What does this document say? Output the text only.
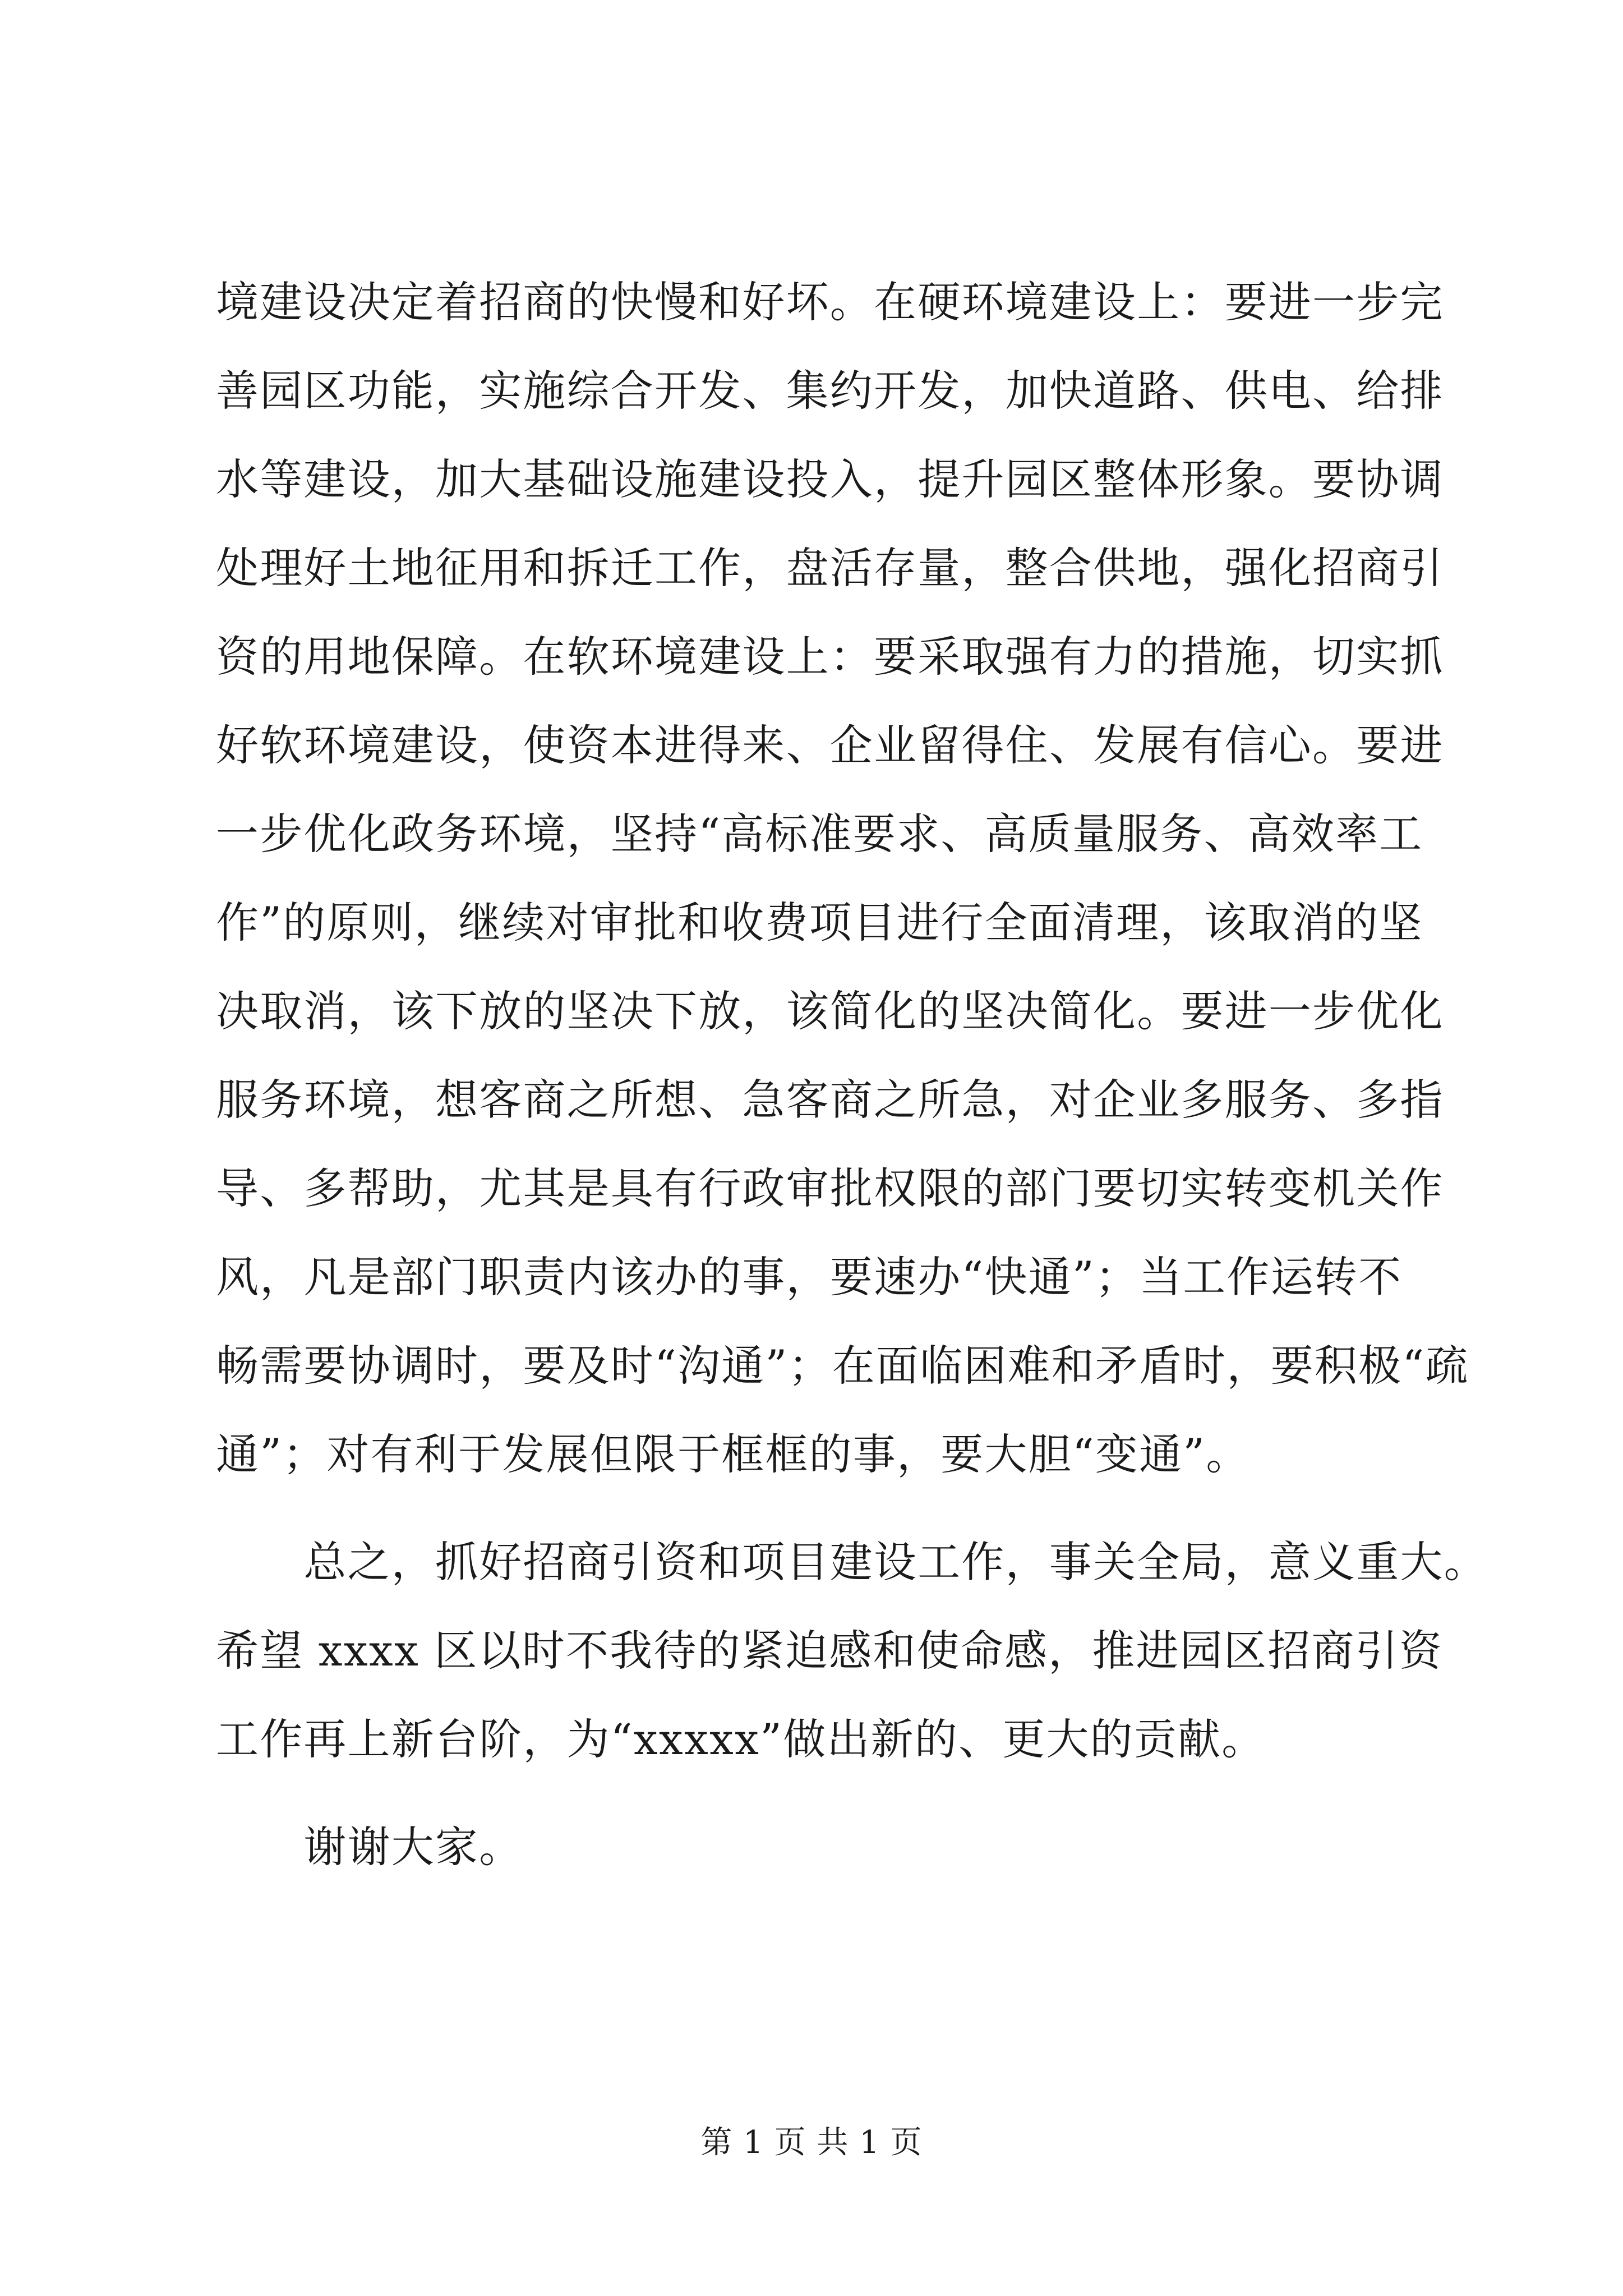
境建设决定着招商的快慢和好坏。在硬环境建设上：要进一步完
善园区功能，实施综合开发、集约开发，加快道路、供电、给排
水等建设，加大基础设施建设投入，提升园区整体形象。要协调
处理好土地征用和拆迁工作，盘活存量，整合供地，强化招商引
资的用地保障。在软环境建设上：要采取强有力的措施，切实抓
好软环境建设，使资本进得来、企业留得住、发展有信心。要进
一步优化政务环境，坚持“高标准要求、高质量服务、高效率工
作”的原则，继续对审批和收费项目进行全面清理，该取消的坚
决取消，该下放的坚决下放，该简化的坚决简化。要进一步优化
服务环境，想客商之所想、急客商之所急，对企业多服务、多指
导、多帮助，尤其是具有行政审批权限的部门要切实转变机关作
风，凡是部门职责内该办的事，要速办“快通”；当工作运转不
畅需要协调时，要及时“沟通”；在面临困难和矛盾时，要积极“疏
通”；对有利于发展但限于框框的事，要大胆“变通”。
　　总之，抓好招商引资和项目建设工作，事关全局，意义重大。
希望 xxxx 区以时不我待的紧迫感和使命感，推进园区招商引资
工作再上新台阶，为“xxxxx”做出新的、更大的贡献。
　　谢谢大家。
第 1 页 共 1 页
